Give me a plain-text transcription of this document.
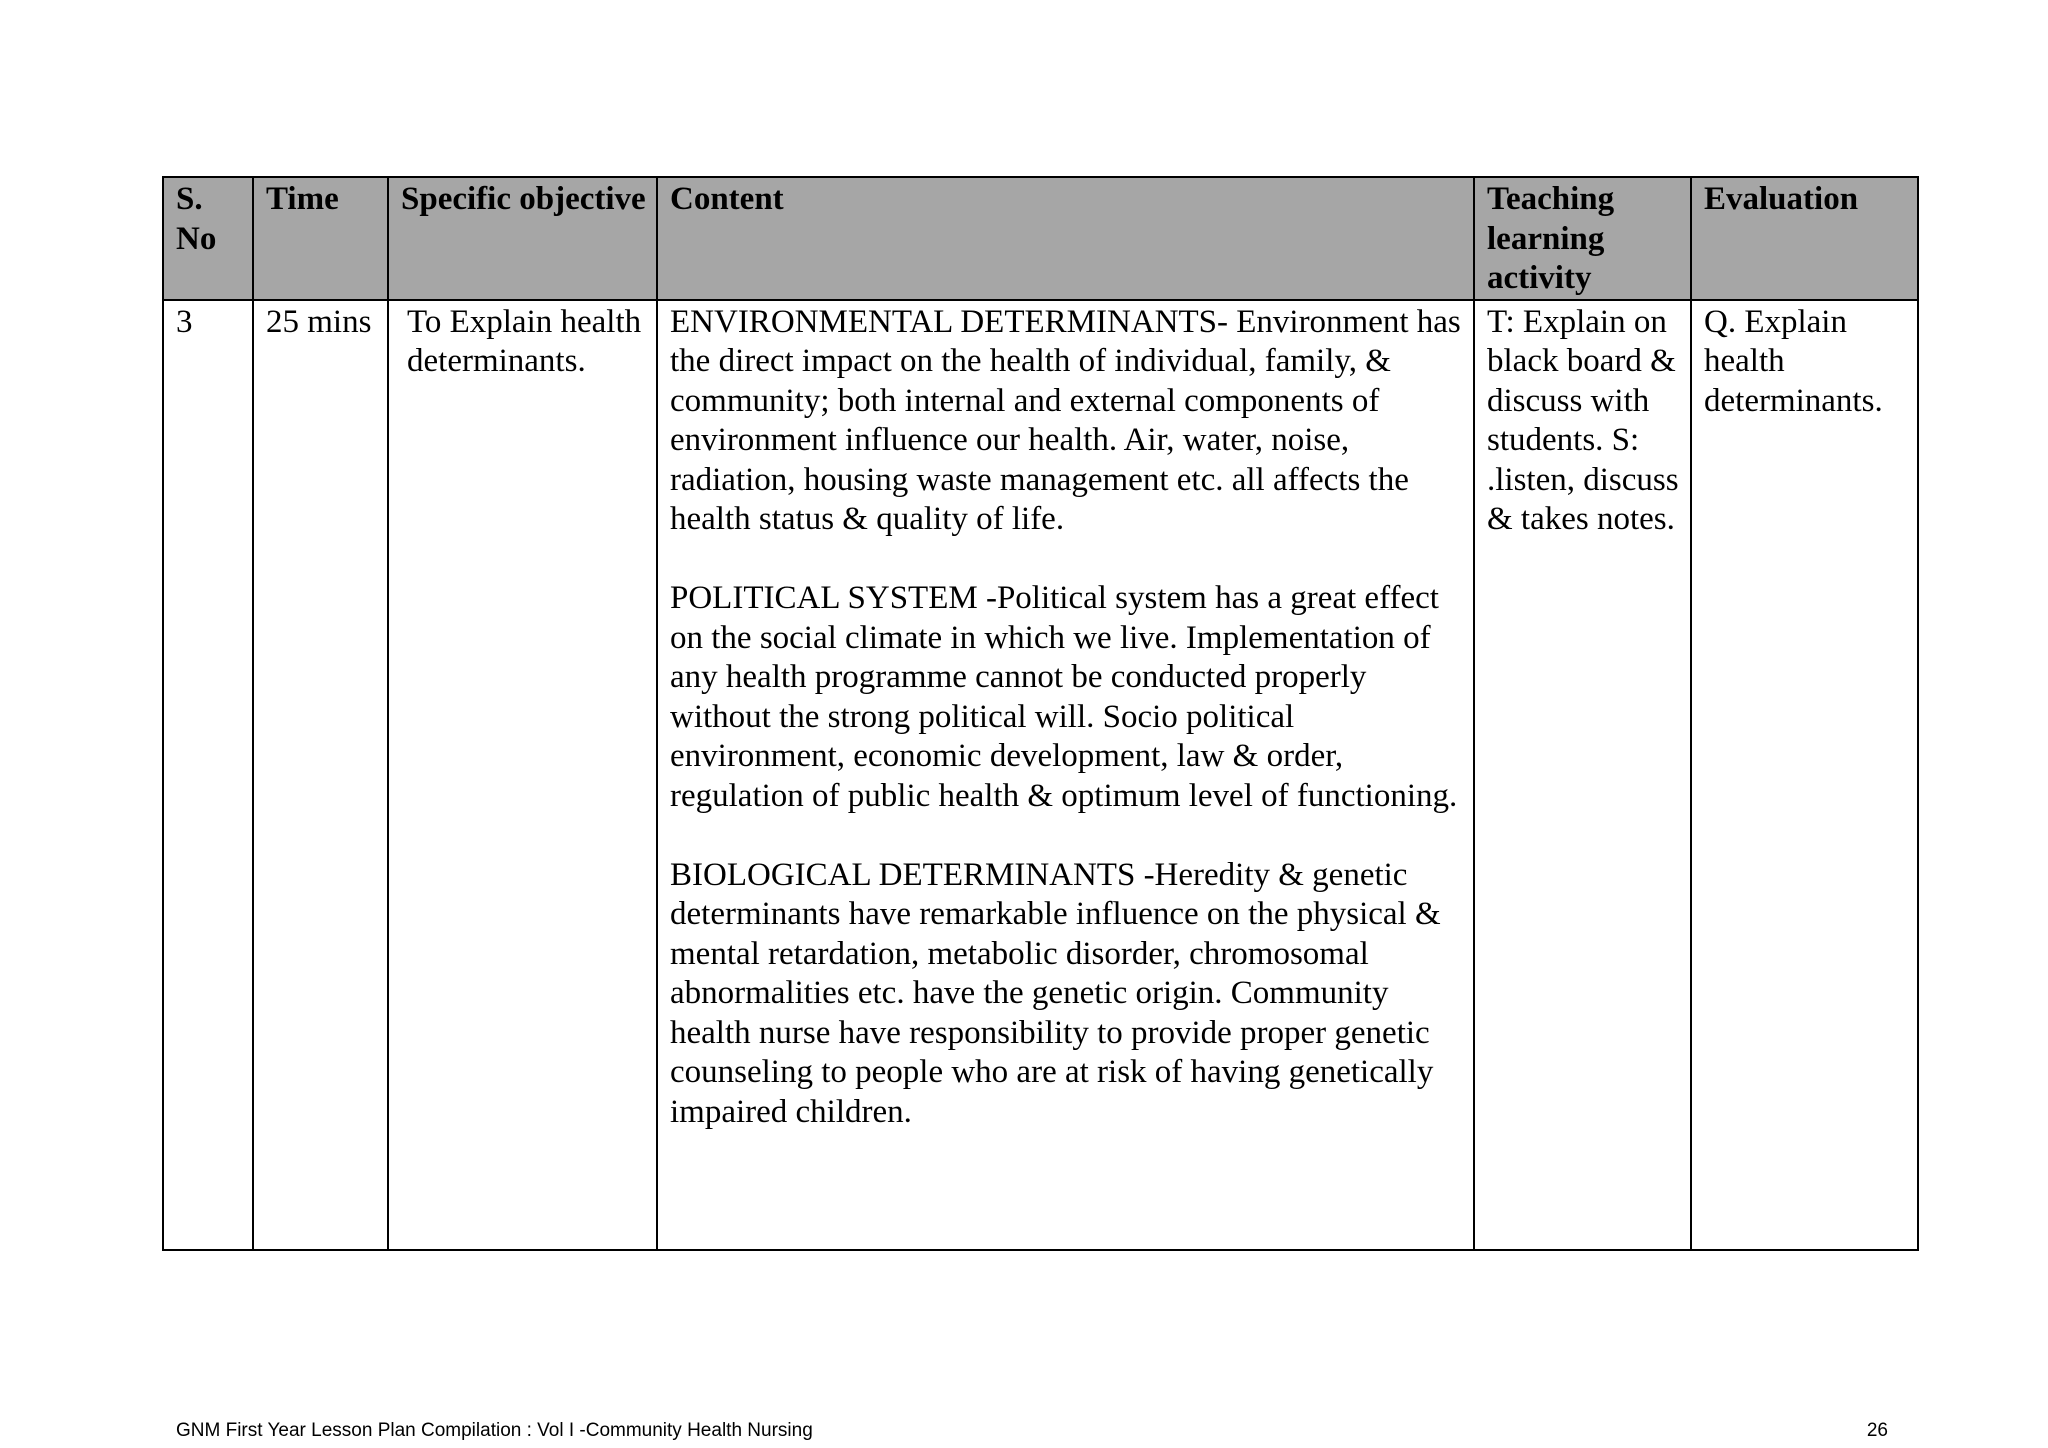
S. No	Time	Specific objective	Content	Teaching learning activity	Evaluation
3	25 mins	To Explain health determinants.	ENVIRONMENTAL DETERMINANTS- Environment has the direct impact on the health of individual, family, & community; both internal and external components of environment influence our health. Air, water, noise, radiation, housing waste management etc. all affects the health status & quality of life.

POLITICAL SYSTEM -Political system has a great effect on the social climate in which we live. Implementation of any health programme cannot be conducted properly without the strong political will. Socio political environment, economic development, law & order, regulation of public health & optimum level of functioning.

BIOLOGICAL DETERMINANTS -Heredity & genetic determinants have remarkable influence on the physical & mental retardation, metabolic disorder, chromosomal abnormalities etc. have the genetic origin. Community health nurse have responsibility to provide proper genetic counseling to people who are at risk of having genetically impaired children.	T: Explain on black board & discuss with students. S: .listen, discuss & takes notes.	Q. Explain health determinants.
GNM First Year Lesson Plan Compilation : Vol I -Community Health Nursing	26
